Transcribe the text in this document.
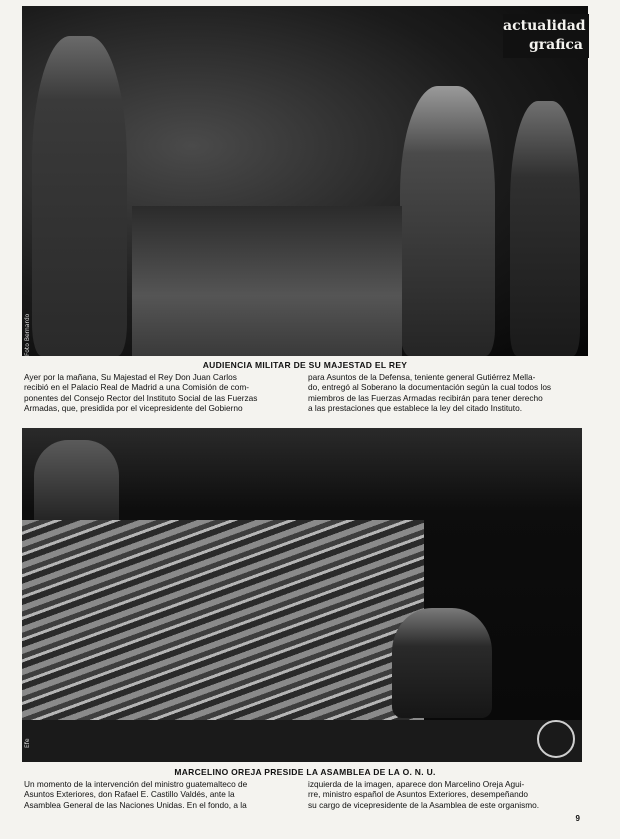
Foto Bernardo
actualidad
grafica
AUDIENCIA MILITAR DE SU MAJESTAD EL REY

Ayer por la mañana, Su Majestad el Rey Don Juan Carlos

recibió en el Palacio Real de Madrid a una Comisión de com-

ponentes del Consejo Rector del Instituto Social de las Fuerzas

Armadas, que, presidida por el vicepresidente del Gobierno

para Asuntos de la Defensa, teniente general Gutiérrez Mella-

do, entregó al Soberano la documentación según la cual todos los

miembros de las Fuerzas Armadas recibirán para tener derecho

a las prestaciones que establece la ley del citado Instituto.

Efe
MARCELINO OREJA PRESIDE LA ASAMBLEA DE LA O. N. U.

Un momento de la intervención del ministro guatemalteco de

Asuntos Exteriores, don Rafael E. Castillo Valdés, ante la

Asamblea General de las Naciones Unidas. En el fondo, a la

izquierda de la imagen, aparece don Marcelino Oreja Agui-

rre, ministro español de Asuntos Exteriores, desempeñando

su cargo de vicepresidente de la Asamblea de este organismo.

9
